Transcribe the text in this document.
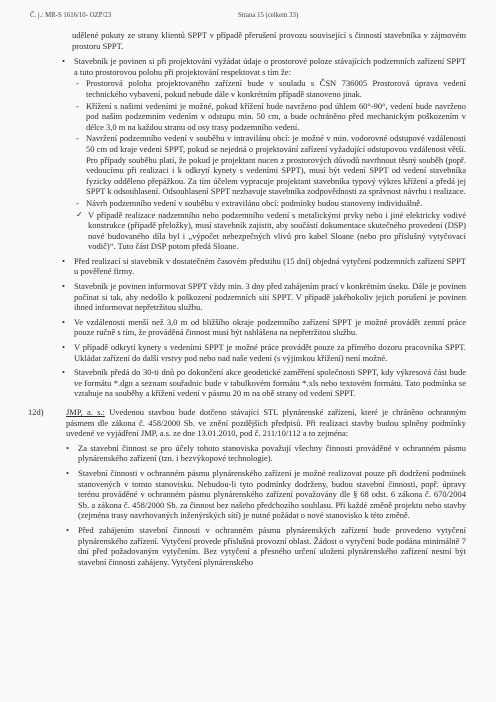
Č. j.: MR-S 1616/10- OZP/23	Strana 15 (celkem 33)

udělené pokuty ze strany klientů SPPT v případě přerušení provozu související s činností stavebníka v zájmovém prostoru SPPT.

• Stavebník je povinen si při projektování vyžádat údaje o prostorové poloze stávajících podzemních zařízení SPPT a tuto prostorovou polohu při projektování respektovat s tím že:

- Prostorová poloha projektovaného zařízení bude v souladu s ČSN 736005 Prostorová úprava vedení technického vybavení, pokud nebude dále v konkrétním případě stanoveno jinak.

- Křížení s našimi vedeními je možné, pokud křížení bude navrženo pod úhlem 60°-90°, vedení bude navrženo pod naším podzemním vedením v odstupu min. 50 cm, a bude ochráněno před mechanickým poškozením v délce 3,0 m na každou stranu od osy trasy podzemního vedení.

- Navržení podzemního vedení v souběhu v intravilánu obcí: je možné v min. vodorovné odstupové vzdálenosti 50 cm od kraje vedení SPPT, pokud se nejedná o projektování zařízení vyžadující odstupovou vzdálenost větší. Pro případy souběhu platí, že pokud je projektant nucen z prostorových důvodů navrhnout těsný souběh (popř. vedoucímu při realizaci i k odkrytí kynety s vedeními SPPT), musí být vedení SPPT od vedení stavebníka fyzicky odděleno přepážkou. Za tím účelem vypracuje projektant stavebníka typový výkres křížení a předá jej SPPT k odsouhlasení. Odsouhlasení SPPT nezbavuje stavebníka zodpovědnosti za správnost návrhu i realizace.

- Návrh podzemního vedení v souběhu v extravilánu obcí: podmínky budou stanoveny individuálně.

✓ V případě realizace nadzemního nebo podzemního vedení s metalickými prvky nebo i jiné elektricky vodivé konstrukce (případě přeložky), musí stavebník zajistit, aby součástí dokumentace skutečného provedení (DSP) nové budovaného díla byl i „výpočet nebezpečných vlivů pro kabel Sloane (nebo pro příslušný vytyčovací vodič)“. Tuto část DSP potom předá Sloane.

• Před realizací si stavebník v dostatečném časovém předstihu (15 dní) objedná vytyčení podzemních zařízení SPPT u pověřené firmy.

• Stavebník je povinen informovat SPPT vždy min. 3 dny před zahájením prací v konkrétním úseku. Dále je povinen počínat si tak, aby nedošlo k poškození podzemních sítí SPPT. V případě jakéhokoliv jejich porušení je povinen ihned informovat nepřetržitou službu.

• Ve vzdálenosti menší než 3,0 m od bližšího okraje podzemního zařízení SPPT je možné provádět zemní práce pouze ručně s tím, že prováděná činnost musí být nahlášena na nepřetržitou službu.

• V případě odkrytí kynety s vedeními SPPT je možné práce provádět pouze za přímého dozoru pracovníka SPPT. Ukládat zařízení do další vrstvy pod nebo nad naše vedení (s výjimkou křížení) není možné.

• Stavebník předá do 30-ti dnů po dokončení akce geodetické zaměření společnosti SPPT, kdy výkresová část bude ve formátu *.dgn a seznam souřadnic bude v tabulkovém formátu *.xls nebo textovém formátu. Tato podmínka se vztahuje na souběhy a křížení vedení v pásmu 20 m na obě strany od vedení SPPT.

12d)	JMP, a. s.: Uvedenou stavbou bude dotčeno stávající STL plynárenské zařízení, které je chráněno ochranným pásmem dle zákona č. 458/2000 Sb. ve znění pozdějších předpisů. Při realizaci stavby budou splněny podmínky uvedené ve vyjádření JMP, a.s. ze dne 13.01.2010, pod č. 211/10/112 a to zejména:

• Za stavební činnost se pro účely tohoto stanoviska považují všechny činnosti prováděné v ochranném pásmu plynárenského zařízení (tzn. i bezvýkopové technologie).

• Stavební činnosti v ochranném pásmu plynárenského zařízení je možné realizovat pouze při dodržení podmínek stanovených v tomto stanovisku. Nebudou-li tyto podmínky dodrženy, budou stavební činnosti, popř. úpravy terénu prováděné v ochranném pásmu plynárenského zařízení považovány dle § 68 odst. 6 zákona č. 670/2004 Sb. a zákona č. 458/2000 Sb. za činnost bez našeho předchozího souhlasu. Při každé změně projektu nebo stavby (zejména trasy navrhovaných inženýrských sítí) je nutné požádat o nové stanovisko k této změně.

• Před zahájením stavební činnosti v ochranném pásmu plynárenských zařízení bude provedeno vytyčení plynárenského zařízení. Vytyčení provede příslušná provozní oblast. Žádost o vytyčení bude podána minimálně 7 dní před požadovaným vytyčením. Bez vytyčení a přesného určení uložení plynárenského zařízení nesmí být stavební činnosti zahájeny. Vytyčení plynárenského
